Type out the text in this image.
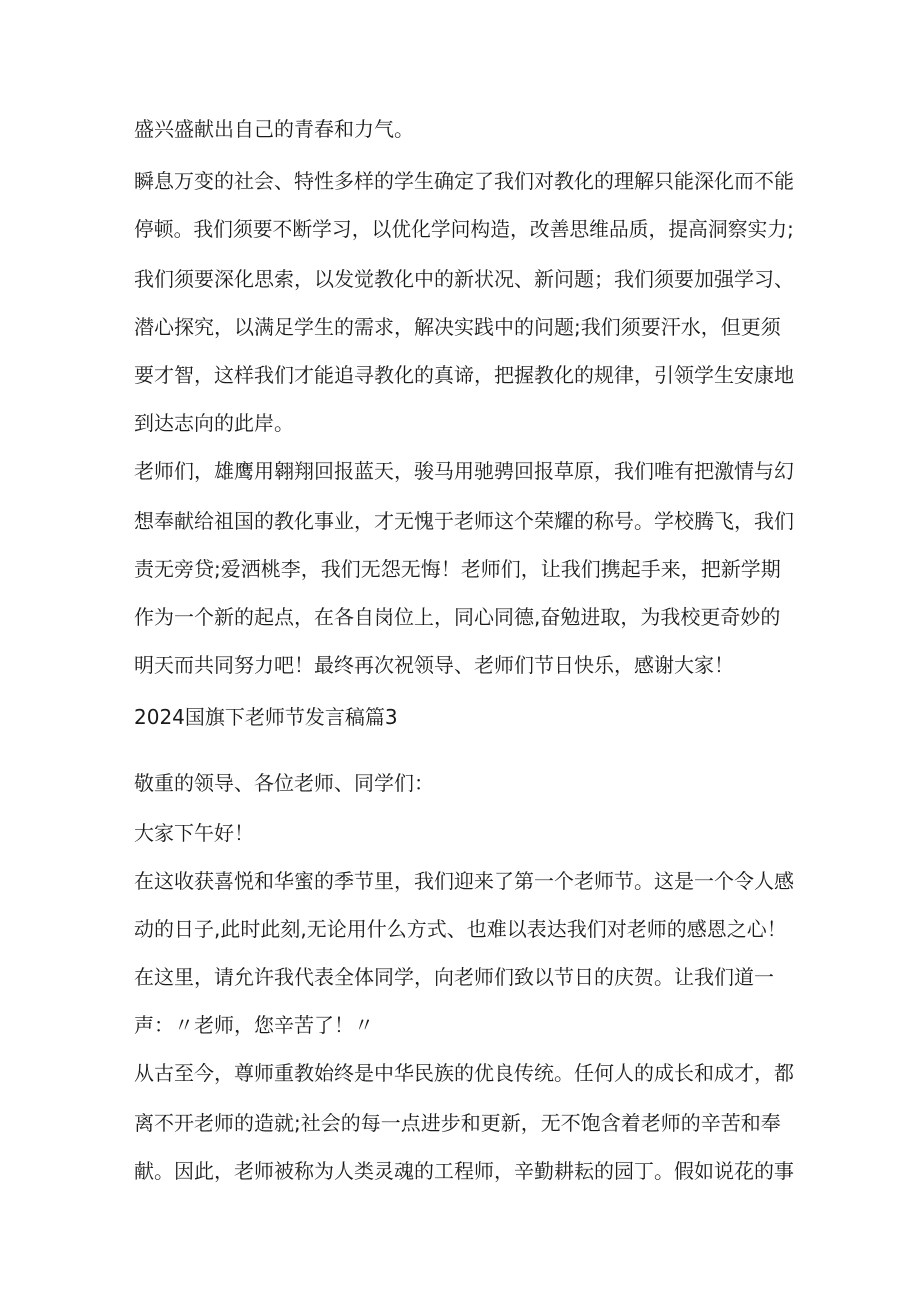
盛兴盛献出自己的青春和力气。
瞬息万变的社会、特性多样的学生确定了我们对教化的理解只能深化而不能
停顿。我们须要不断学习，以优化学问构造，改善思维品质，提高洞察实力;
我们须要深化思索，以发觉教化中的新状况、新问题；我们须要加强学习、
潜心探究，以满足学生的需求，解决实践中的问题;我们须要汗水，但更须
要才智，这样我们才能追寻教化的真谛，把握教化的规律，引领学生安康地
到达志向的此岸。
老师们，雄鹰用翱翔回报蓝天，骏马用驰骋回报草原，我们唯有把激情与幻
想奉献给祖国的教化事业，才无愧于老师这个荣耀的称号。学校腾飞，我们
责无旁贷;爱洒桃李，我们无怨无悔！老师们，让我们携起手来，把新学期
作为一个新的起点，在各自岗位上，同心同德,奋勉进取，为我校更奇妙的
明天而共同努力吧！最终再次祝领导、老师们节日快乐，感谢大家！
2024国旗下老师节发言稿篇3
敬重的领导、各位老师、同学们：
大家下午好！
在这收获喜悦和华蜜的季节里，我们迎来了第一个老师节。这是一个令人感
动的日子,此时此刻,无论用什么方式、也难以表达我们对老师的感恩之心！
在这里，请允许我代表全体同学，向老师们致以节日的庆贺。让我们道一
声：〃老师，您辛苦了！〃
从古至今，尊师重教始终是中华民族的优良传统。任何人的成长和成才，都
离不开老师的造就;社会的每一点进步和更新，无不饱含着老师的辛苦和奉
献。因此，老师被称为人类灵魂的工程师，辛勤耕耘的园丁。假如说花的事
